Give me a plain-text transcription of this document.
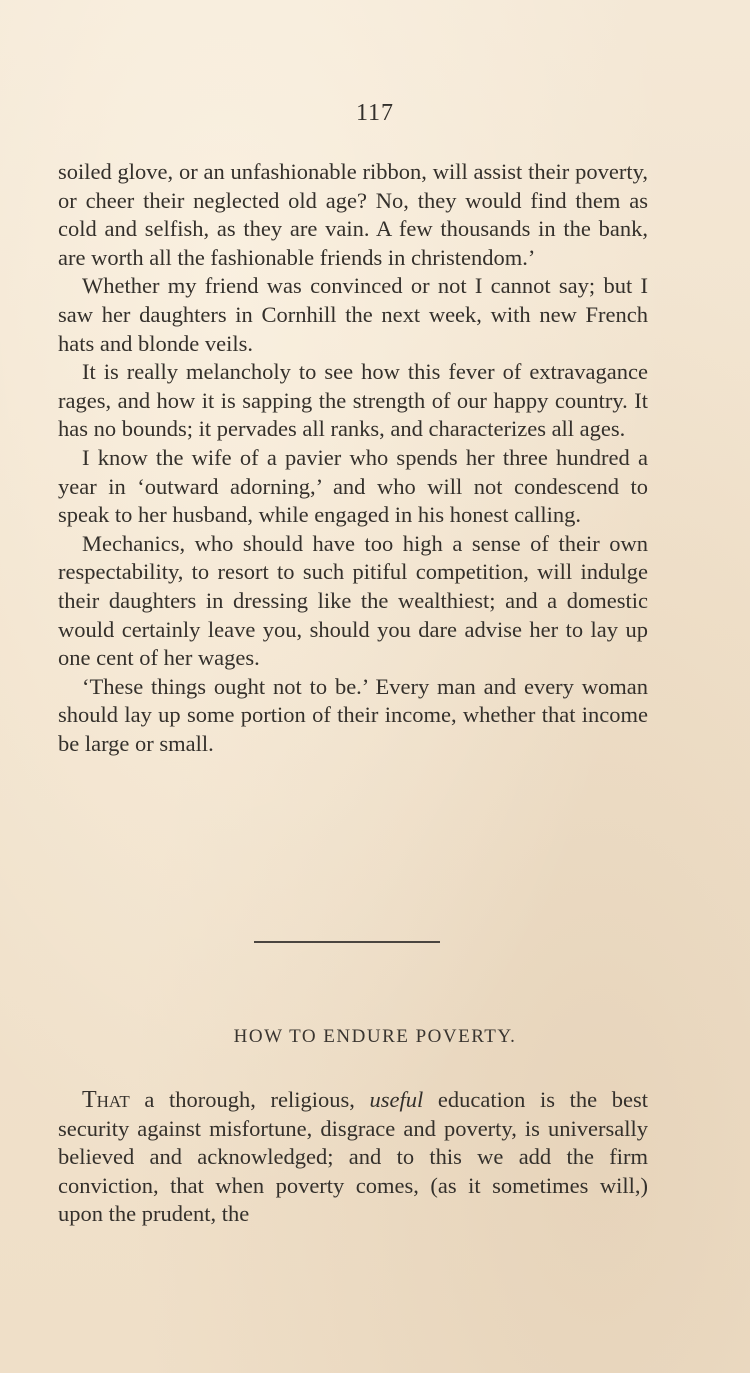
117

soiled glove, or an unfashionable ribbon, will assist their poverty, or cheer their neglected old age? No, they would find them as cold and selfish, as they are vain. A few thousands in the bank, are worth all the fashionable friends in christendom.’

Whether my friend was convinced or not I cannot say; but I saw her daughters in Cornhill the next week, with new French hats and blonde veils.

It is really melancholy to see how this fever of extravagance rages, and how it is sapping the strength of our happy country. It has no bounds; it pervades all ranks, and characterizes all ages.

I know the wife of a pavier who spends her three hundred a year in ‘outward adorning,’ and who will not condescend to speak to her husband, while engaged in his honest calling.

Mechanics, who should have too high a sense of their own respectability, to resort to such pitiful competition, will indulge their daughters in dressing like the wealthiest; and a domestic would certainly leave you, should you dare advise her to lay up one cent of her wages.

‘These things ought not to be.’ Every man and every woman should lay up some portion of their income, whether that income be large or small.

HOW TO ENDURE POVERTY.

That a thorough, religious, useful education is the best security against misfortune, disgrace and poverty, is universally believed and acknowledged; and to this we add the firm conviction, that when poverty comes, (as it sometimes will,) upon the prudent, the
